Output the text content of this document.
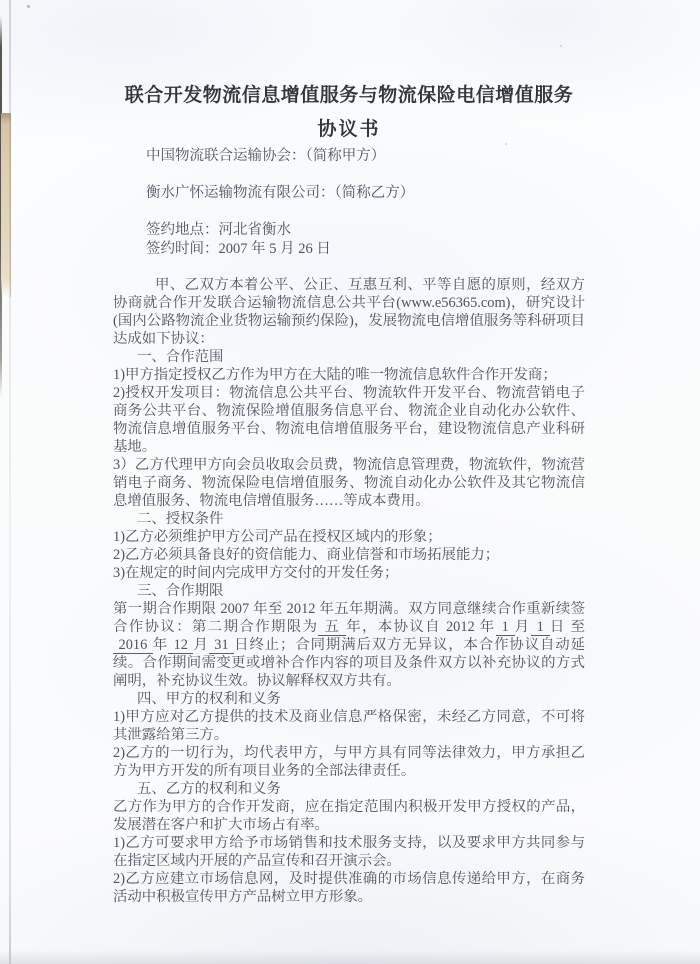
联合开发物流信息增值服务与物流保险电信增值服务
协议书

中国物流联合运输协会：（简称甲方）

衡水广怀运输物流有限公司：（简称乙方）

签约地点：河北省衡水

签约时间：2007 年 5 月 26 日

甲、乙双方本着公平、公正、互惠互利、平等自愿的原则，经双方协商就合作开发联合运输物流信息公共平台(www.e56365.com)，研究设计(国内公路物流企业货物运输预约保险)，发展物流电信增值服务等科研项目达成如下协议：

一、合作范围

1)甲方指定授权乙方作为甲方在大陆的唯一物流信息软件合作开发商；

2)授权开发项目：物流信息公共平台、物流软件开发平台、物流营销电子商务公共平台、物流保险增值服务信息平台、物流企业自动化办公软件、物流信息增值服务平台、物流电信增值服务平台，建设物流信息产业科研基地。

3）乙方代理甲方向会员收取会员费，物流信息管理费，物流软件，物流营销电子商务、物流保险电信增值服务、物流自动化办公软件及其它物流信息增值服务、物流电信增值服务……等成本费用。

二、授权条件

1)乙方必须维护甲方公司产品在授权区域内的形象；

2)乙方必须具备良好的资信能力、商业信誉和市场拓展能力；

3)在规定的时间内完成甲方交付的开发任务；

三、合作期限

第一期合作期限 2007 年至 2012 年五年期满。双方同意继续合作重新续签合作协议：第二期合作期限为 五 年，本协议自 2012 年 1 月 1 日 至  2016 年 12 月 31 日终止；合同期满后双方无异议，本合作协议自动延续。合作期间需变更或增补合作内容的项目及条件双方以补充协议的方式阐明，补充协议生效。协议解释权双方共有。

四、甲方的权利和义务

1)甲方应对乙方提供的技术及商业信息严格保密，未经乙方同意，不可将其泄露给第三方。

2)乙方的一切行为，均代表甲方，与甲方具有同等法律效力，甲方承担乙方为甲方开发的所有项目业务的全部法律责任。

五、乙方的权利和义务

乙方作为甲方的合作开发商，应在指定范围内积极开发甲方授权的产品，发展潜在客户和扩大市场占有率。

1)乙方可要求甲方给予市场销售和技术服务支持，以及要求甲方共同参与在指定区域内开展的产品宣传和召开演示会。

2)乙方应建立市场信息网，及时提供准确的市场信息传递给甲方，在商务活动中积极宣传甲方产品树立甲方形象。
